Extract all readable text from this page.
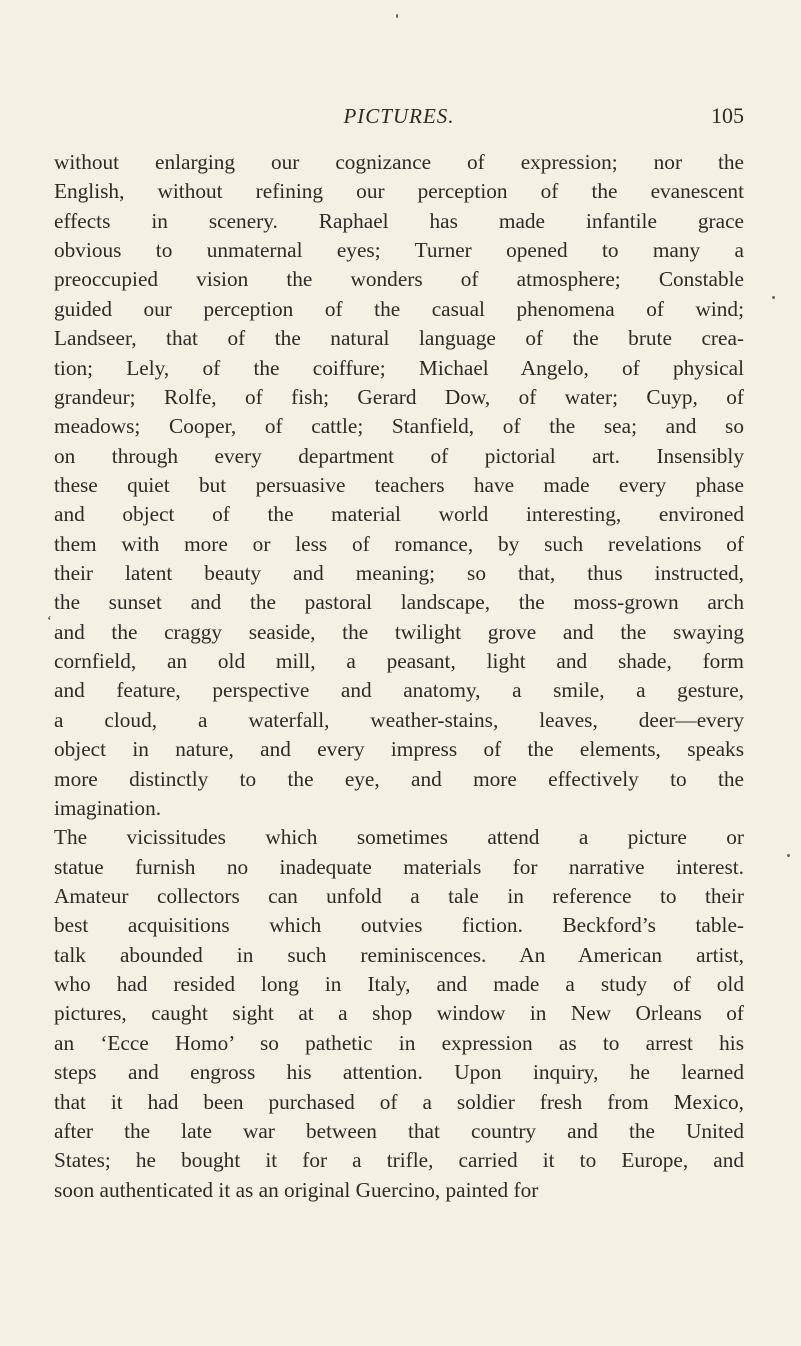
PICTURES.	105
without enlarging our cognizance of expression; nor the
English, without refining our perception of the evanescent
effects in scenery. Raphael has made infantile grace
obvious to unmaternal eyes; Turner opened to many a
preoccupied vision the wonders of atmosphere; Constable
guided our perception of the casual phenomena of wind;
Landseer, that of the natural language of the brute crea-
tion; Lely, of the coiffure; Michael Angelo, of physical
grandeur; Rolfe, of fish; Gerard Dow, of water; Cuyp, of
meadows; Cooper, of cattle; Stanfield, of the sea; and so
on through every department of pictorial art. Insensibly
these quiet but persuasive teachers have made every phase
and object of the material world interesting, environed
them with more or less of romance, by such revelations of
their latent beauty and meaning; so that, thus instructed,
the sunset and the pastoral landscape, the moss-grown arch
and the craggy seaside, the twilight grove and the swaying
cornfield, an old mill, a peasant, light and shade, form
and feature, perspective and anatomy, a smile, a gesture,
a cloud, a waterfall, weather-stains, leaves, deer—every
object in nature, and every impress of the elements, speaks
more distinctly to the eye, and more effectively to the
imagination.
The vicissitudes which sometimes attend a picture or
statue furnish no inadequate materials for narrative interest.
Amateur collectors can unfold a tale in reference to their
best acquisitions which outvies fiction. Beckford’s table-
talk abounded in such reminiscences. An American artist,
who had resided long in Italy, and made a study of old
pictures, caught sight at a shop window in New Orleans of
an ‘Ecce Homo’ so pathetic in expression as to arrest his
steps and engross his attention. Upon inquiry, he learned
that it had been purchased of a soldier fresh from Mexico,
after the late war between that country and the United
States; he bought it for a trifle, carried it to Europe, and
soon authenticated it as an original Guercino, painted for
‘
